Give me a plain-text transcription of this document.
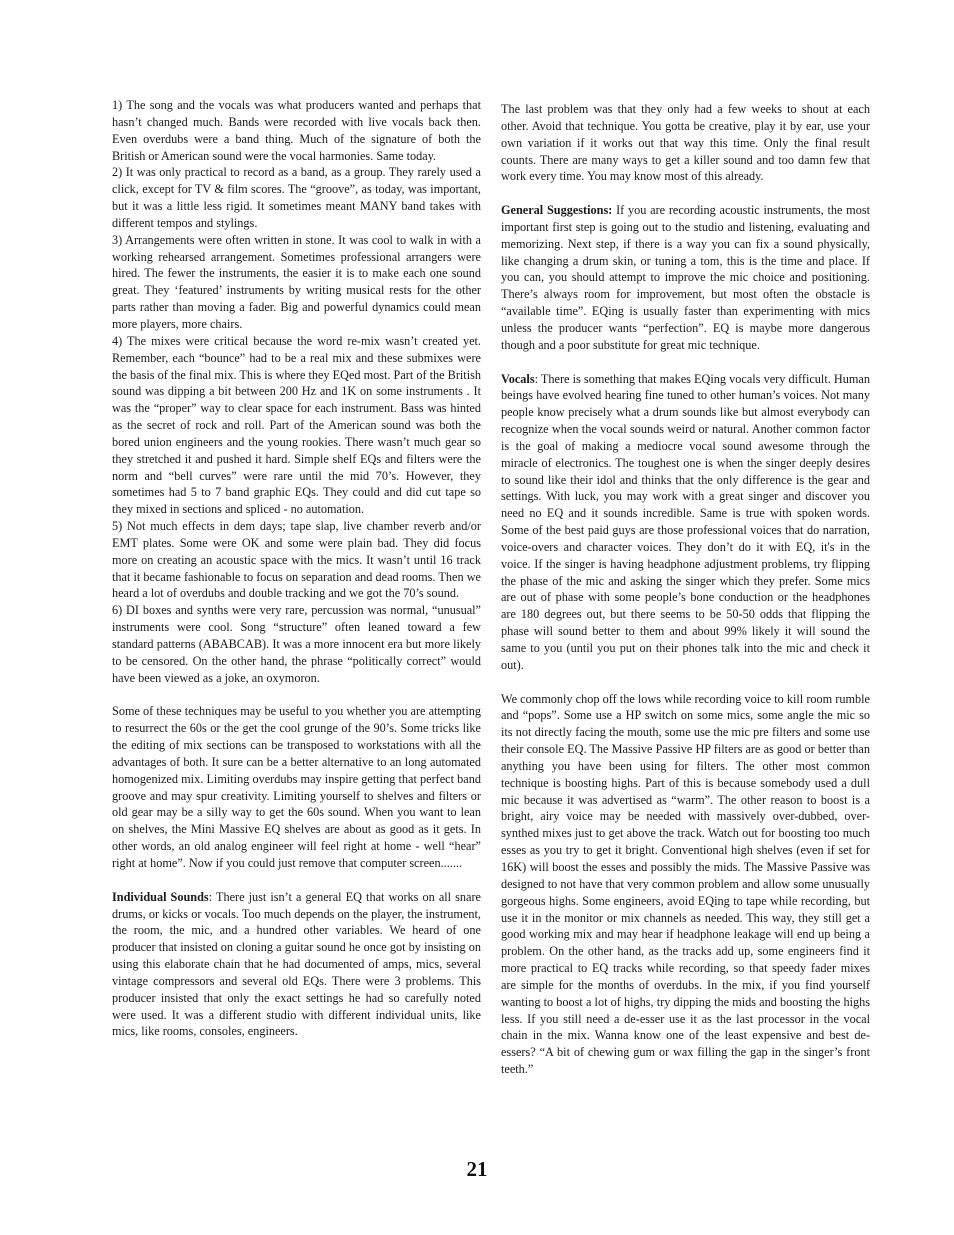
1) The song and the vocals was what producers wanted and perhaps that hasn’t changed much. Bands were recorded with live vocals back then. Even overdubs were a band thing. Much of the signature of both the British or American sound were the vocal harmonies. Same today.

2) It was only practical to record as a band, as a group. They rarely used a click, except for TV & film scores. The “groove”, as today, was important, but it was a little less rigid. It sometimes meant MANY band takes with different tempos and stylings.

3) Arrangements were often written in stone. It was cool to walk in with a working rehearsed arrangement. Sometimes professional arrangers were hired. The fewer the instruments, the easier it is to make each one sound great. They ‘featured’ instruments by writing musical rests for the other parts rather than moving a fader. Big and powerful dynamics could mean more players, more chairs.

4) The mixes were critical because the word re-mix wasn’t created yet. Remember, each “bounce” had to be a real mix and these submixes were the basis of the final mix. This is where they EQed most. Part of the British sound was dipping a bit between 200 Hz and 1K on some instruments . It was the “proper” way to clear space for each instrument. Bass was hinted as the secret of rock and roll. Part of the American sound was both the bored union engineers and the young rookies. There wasn’t much gear so they stretched it and pushed it hard. Simple shelf EQs and filters were the norm and “bell curves” were rare until the mid 70’s. However, they sometimes had 5 to 7 band graphic EQs. They could and did cut tape so they mixed in sections and spliced - no automation.

5) Not much effects in dem days; tape slap, live chamber reverb and/or EMT plates. Some were OK and some were plain bad. They did focus more on creating an acoustic space with the mics. It wasn’t until 16 track that it became fashionable to focus on separation and dead rooms. Then we heard a lot of overdubs and double tracking and we got the 70’s sound.

6) DI boxes and synths were very rare, percussion was normal, “unusual” instruments were cool. Song “structure” often leaned toward a few standard patterns (ABABCAB). It was a more innocent era but more likely to be censored. On the other hand, the phrase “politically correct” would have been viewed as a joke, an oxymoron.

Some of these techniques may be useful to you whether you are attempting to resurrect the 60s or the get the cool grunge of the 90’s. Some tricks like the editing of mix sections can be transposed to workstations with all the advantages of both. It sure can be a better alternative to an long automated homogenized mix. Limiting overdubs may inspire getting that perfect band groove and may spur creativity. Limiting yourself to shelves and filters or old gear may be a silly way to get the 60s sound. When you want to lean on shelves, the Mini Massive EQ shelves are about as good as it gets. In other words, an old analog engineer will feel right at home - well “hear” right at home”. Now if you could just remove that computer screen.......

Individual Sounds: There just isn’t a general EQ that works on all snare drums, or kicks or vocals. Too much depends on the player, the instrument, the room, the mic, and a hundred other variables. We heard of one producer that insisted on cloning a guitar sound he once got by insisting on using this elaborate chain that he had documented of amps, mics, several vintage compressors and several old EQs. There were 3 problems. This producer insisted that only the exact settings he had so carefully noted were used. It was a different studio with different individual units, like mics, like rooms, consoles, engineers.

The last problem was that they only had a few weeks to shout at each other. Avoid that technique. You gotta be creative, play it by ear, use your own variation if it works out that way this time. Only the final result counts. There are many ways to get a killer sound and too damn few that work every time. You may know most of this already.

General Suggestions: If you are recording acoustic instruments, the most important first step is going out to the studio and listening, evaluating and memorizing. Next step, if there is a way you can fix a sound physically, like changing a drum skin, or tuning a tom, this is the time and place. If you can, you should attempt to improve the mic choice and positioning. There’s always room for improvement, but most often the obstacle is “available time”. EQing is usually faster than experimenting with mics unless the producer wants “perfection”. EQ is maybe more dangerous though and a poor substitute for great mic technique.

Vocals: There is something that makes EQing vocals very difficult. Human beings have evolved hearing fine tuned to other human’s voices. Not many people know precisely what a drum sounds like but almost everybody can recognize when the vocal sounds weird or natural. Another common factor is the goal of making a mediocre vocal sound awesome through the miracle of electronics. The toughest one is when the singer deeply desires to sound like their idol and thinks that the only difference is the gear and settings. With luck, you may work with a great singer and discover you need no EQ and it sounds incredible. Same is true with spoken words. Some of the best paid guys are those professional voices that do narration, voice-overs and character voices. They don’t do it with EQ, it's in the voice. If the singer is having headphone adjustment problems, try flipping the phase of the mic and asking the singer which they prefer. Some mics are out of phase with some people’s bone conduction or the headphones are 180 degrees out, but there seems to be 50-50 odds that flipping the phase will sound better to them and about 99% likely it will sound the same to you (until you put on their phones talk into the mic and check it out).

We commonly chop off the lows while recording voice to kill room rumble and “pops”. Some use a HP switch on some mics, some angle the mic so its not directly facing the mouth, some use the mic pre filters and some use their console EQ. The Massive Passive HP filters are as good or better than anything you have been using for filters. The other most common technique is boosting highs. Part of this is because somebody used a dull mic because it was advertised as “warm”. The other reason to boost is a bright, airy voice may be needed with massively over-dubbed, over-synthed mixes just to get above the track. Watch out for boosting too much esses as you try to get it bright. Conventional high shelves (even if set for 16K) will boost the esses and possibly the mids. The Massive Passive was designed to not have that very common problem and allow some unusually gorgeous highs. Some engineers, avoid EQing to tape while recording, but use it in the monitor or mix channels as needed. This way, they still get a good working mix and may hear if headphone leakage will end up being a problem. On the other hand, as the tracks add up, some engineers find it more practical to EQ tracks while recording, so that speedy fader mixes are simple for the months of overdubs. In the mix, if you find yourself wanting to boost a lot of highs, try dipping the mids and boosting the highs less. If you still need a de-esser use it as the last processor in the vocal chain in the mix. Wanna know one of the least expensive and best de-essers? “A bit of chewing gum or wax filling the gap in the singer’s front teeth.”

21
